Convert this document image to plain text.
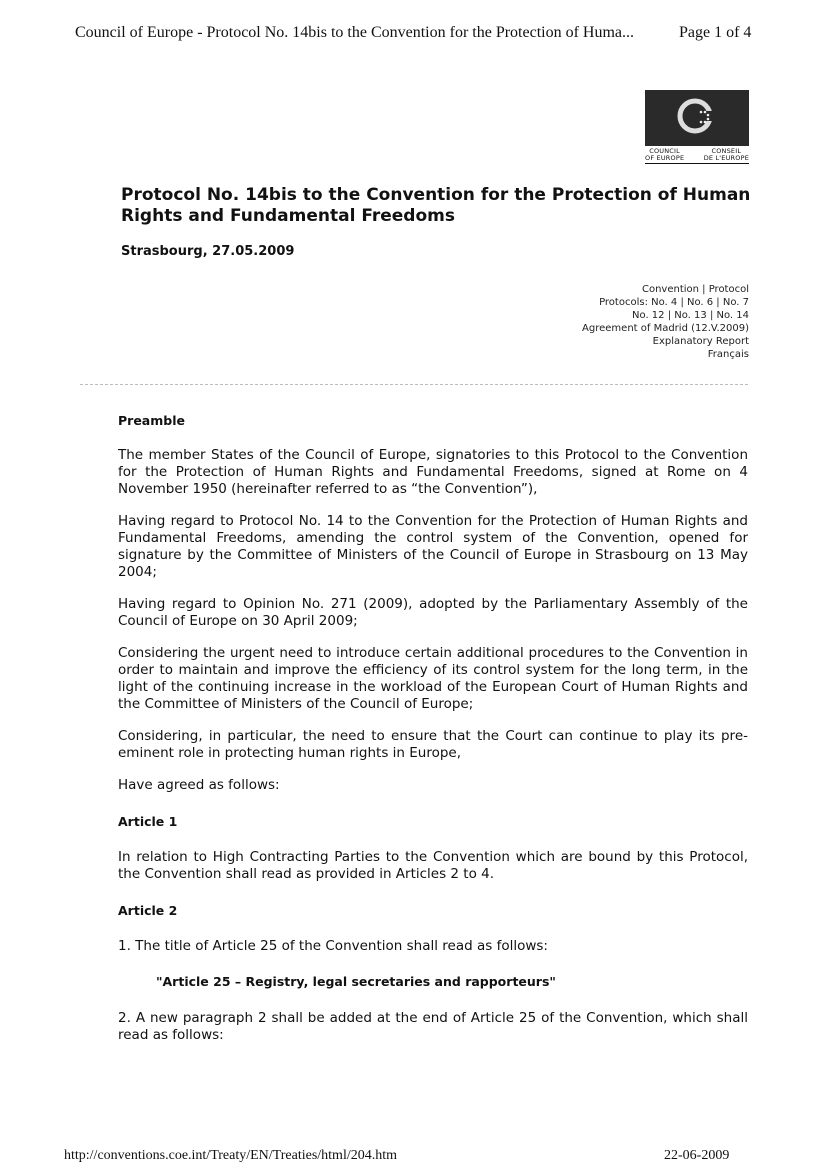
Council of Europe - Protocol No. 14bis to the Convention for the Protection of Huma...	Page 1 of 4
COUNCIL
OF EUROPE
CONSEIL
DE L'EUROPE
Protocol No. 14bis to the Convention for the Protection of Human Rights and Fundamental Freedoms
Strasbourg, 27.05.2009
Convention | Protocol
Protocols: No. 4 | No. 6 | No. 7
No. 12 | No. 13 | No. 14
Agreement of Madrid (12.V.2009)
Explanatory Report
Français

Preamble

The member States of the Council of Europe, signatories to this Protocol to the Convention for the Protection of Human Rights and Fundamental Freedoms, signed at Rome on 4 November 1950 (hereinafter referred to as “the Convention”),

Having regard to Protocol No. 14 to the Convention for the Protection of Human Rights and Fundamental Freedoms, amending the control system of the Convention, opened for signature by the Committee of Ministers of the Council of Europe in Strasbourg on 13 May 2004;

Having regard to Opinion No. 271 (2009), adopted by the Parliamentary Assembly of the Council of Europe on 30 April 2009;

Considering the urgent need to introduce certain additional procedures to the Convention in order to maintain and improve the efficiency of its control system for the long term, in the light of the continuing increase in the workload of the European Court of Human Rights and the Committee of Ministers of the Council of Europe;

Considering, in particular, the need to ensure that the Court can continue to play its pre-eminent role in protecting human rights in Europe,

Have agreed as follows:

Article 1

In relation to High Contracting Parties to the Convention which are bound by this Protocol, the Convention shall read as provided in Articles 2 to 4.

Article 2

1. The title of Article 25 of the Convention shall read as follows:

"Article 25 – Registry, legal secretaries and rapporteurs"

2. A new paragraph 2 shall be added at the end of Article 25 of the Convention, which shall read as follows:

http://conventions.coe.int/Treaty/EN/Treaties/html/204.htm	22-06-2009
